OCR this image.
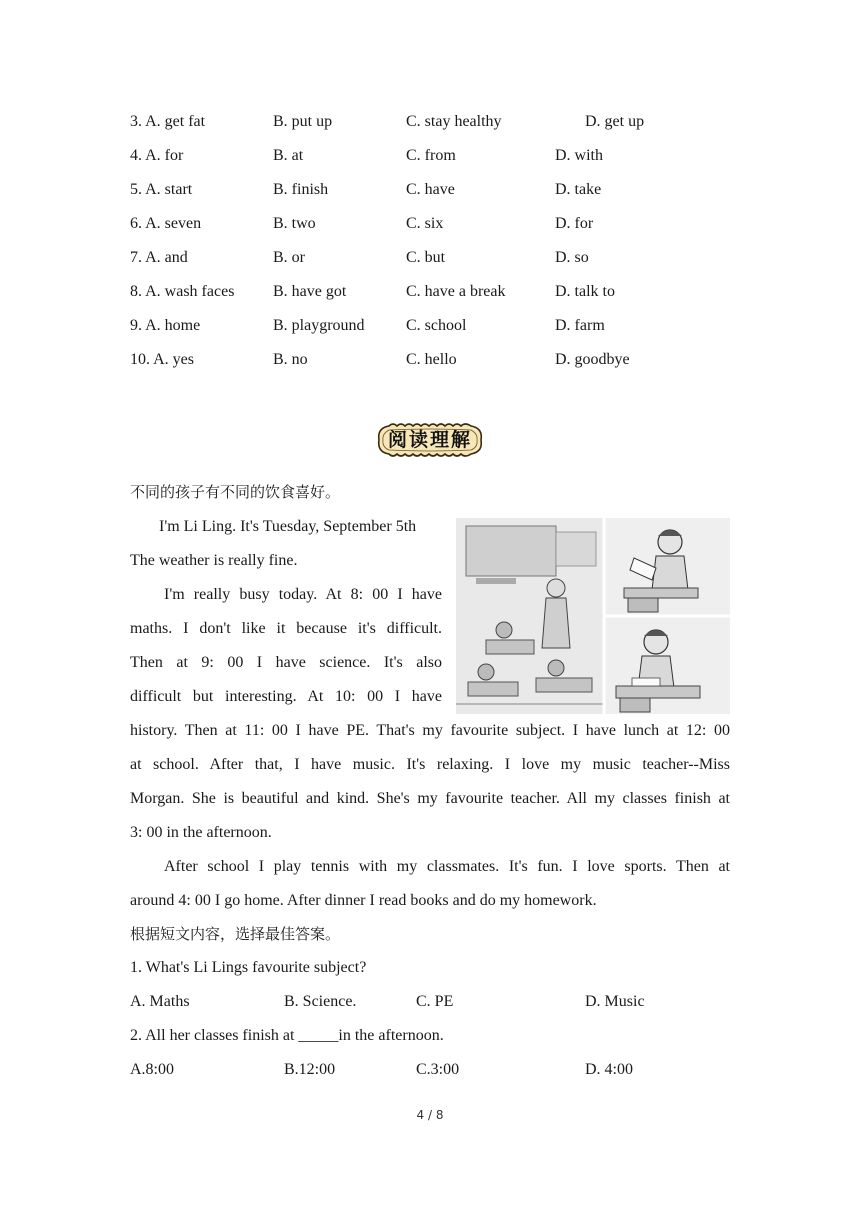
3. A. get fat	B. put up	C. stay healthy	D. get up
4. A. for	B. at	C. from	D. with
5. A. start	B. finish	C. have	D. take
6. A. seven	B. two	C. six	D. for
7. A. and	B. or	C. but	D. so
8. A. wash faces B. have got	C. have a break	D. talk to
9. A. home	B. playground	C. school	D. farm
10. A. yes	B. no	C. hello	D. goodbye
阅读理解
不同的孩子有不同的饮食喜好。
I'm Li Ling. It's Tuesday, September 5th
The weather is really fine.
I'm really busy today. At 8: 00 I have
maths. I don't like it because it's difficult.
Then at 9: 00 I have science. It's also
difficult but interesting. At 10: 00 I have
history. Then at 11: 00 I have PE. That's my favourite subject. I have lunch at 12: 00
at school. After that, I have music. It's relaxing. I love my music teacher--Miss
Morgan. She is beautiful and kind. She's my favourite teacher. All my classes finish at
3: 00 in the afternoon.
After school I play tennis with my classmates. It's fun. I love sports. Then at
around 4: 00 I go home. After dinner I read books and do my homework.
根据短文内容，选择最佳答案。
1. What's Li Lings favourite subject?
A. Maths	B. Science.	C. PE	D. Music
2. All her classes finish at _____in the afternoon.
A.8:00	B.12:00	C.3:00	D. 4:00
4 / 8
